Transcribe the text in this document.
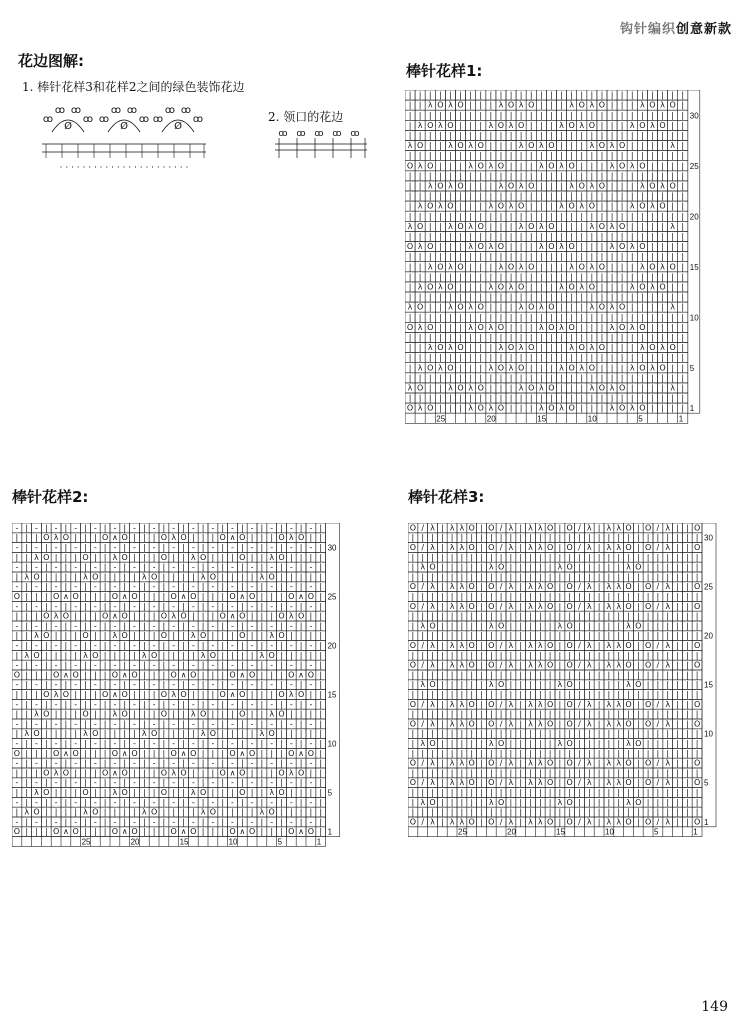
钩针编织创意新款
花边图解:
1. 棒针花样3和花样2之间的绿色装饰花边
2. 领口的花边
Ø	Ø	Ø
ꝏ
ꝏ ꝏ
ꝏ ꝏ
ꝏ ꝏ
ꝏ ꝏ
ꝏ ꝏ
ꝏ
· · · · · · · · · · · · · · · · · · · · · · ·
ꝏ ꝏ ꝏ ꝏ ꝏ
棒针花样1:
| | | | | | | | | | | | | | | | | | | | | | | | | | | |
| | λ O λ O | | | λ O λ O | | | λ O λ O | | | λ O λ O |
| | | | | | | | | | | | | | | | | | | | | | | | | | | |
| λ O λ O | | | λ O λ O | | | λ O λ O | | | λ O λ O | |
| | | | | | | | | | | | | | | | | | | | | | | | | | | |
λ O | | λ O λ O | | | λ O λ O | | | λ O λ O | | | | λ |
| | | | | | | | | | | | | | | | | | | | | | | | | | | |
O λ O | | | λ O λ O | | | λ O λ O | | | λ O λ O | | | |
| | | | | | | | | | | | | | | | | | | | | | | | | | | |
| | λ O λ O | | | λ O λ O | | | λ O λ O | | | λ O λ O |
| | | | | | | | | | | | | | | | | | | | | | | | | | | |
| λ O λ O | | | λ O λ O | | | λ O λ O | | | λ O λ O | |
| | | | | | | | | | | | | | | | | | | | | | | | | | | |
λ O | | λ O λ O | | | λ O λ O | | | λ O λ O | | | | λ |
| | | | | | | | | | | | | | | | | | | | | | | | | | | |
O λ O | | | λ O λ O | | | λ O λ O | | | λ O λ O | | | |
| | | | | | | | | | | | | | | | | | | | | | | | | | | |
| | λ O λ O | | | λ O λ O | | | λ O λ O | | | λ O λ O |
| | | | | | | | | | | | | | | | | | | | | | | | | | | |
| λ O λ O | | | λ O λ O | | | λ O λ O | | | λ O λ O | |
| | | | | | | | | | | | | | | | | | | | | | | | | | | |
λ O | | λ O λ O | | | λ O λ O | | | λ O λ O | | | | λ |
| | | | | | | | | | | | | | | | | | | | | | | | | | | |
O λ O | | | λ O λ O | | | λ O λ O | | | λ O λ O | | | |
| | | | | | | | | | | | | | | | | | | | | | | | | | | |
| | λ O λ O | | | λ O λ O | | | λ O λ O | | | λ O λ O |
| | | | | | | | | | | | | | | | | | | | | | | | | | | |
| λ O λ O | | | λ O λ O | | | λ O λ O | | | λ O λ O | |
| | | | | | | | | | | | | | | | | | | | | | | | | | | |
λ O | | λ O λ O | | | λ O λ O | | | λ O λ O | | | | λ |
| | | | | | | | | | | | | | | | | | | | | | | | | | | |
O λ O | | | λ O λ O | | | λ O λ O | | | λ O λ O | | | | 1
5
10
15
20
25
30
25	20	15	10	5	1
棒针花样2:
- | - | - | - | - | - | - | - | - | - | - | - | - | - | - | - |
| | | O λ O | | | O ∧ O | | | O λ O | | | O ∧ O | | | O λ O | |
- | - | - | - | - | - | - | - | - | - | - | - | - | - | - | - |
| | λ O | | | O | | λ O | | | O | | λ O | | | O | | λ O | | | |
- | - | - | - | - | - | - | - | - | - | - | - | - | - | - | - |
| λ O | | | | λ O | | | | λ O | | | | λ O | | | | λ O | | | | |
- | - | - | - | - | - | - | - | - | - | - | - | - | - | - | - |
O | | | O ∧ O | | | O ∧ O | | | O ∧ O | | | O ∧ O | | | O ∧ O |
- | - | - | - | - | - | - | - | - | - | - | - | - | - | - | - |
| | | O λ O | | | O ∧ O | | | O λ O | | | O ∧ O | | | O λ O | |
- | - | - | - | - | - | - | - | - | - | - | - | - | - | - | - |
| | λ O | | | O | | λ O | | | O | | λ O | | | O | | λ O | | | |
- | - | - | - | - | - | - | - | - | - | - | - | - | - | - | - |
| λ O | | | | λ O | | | | λ O | | | | λ O | | | | λ O | | | | |
- | - | - | - | - | - | - | - | - | - | - | - | - | - | - | - |
O | | | O ∧ O | | | O ∧ O | | | O ∧ O | | | O ∧ O | | | O ∧ O |
- | - | - | - | - | - | - | - | - | - | - | - | - | - | - | - |
| | | O λ O | | | O ∧ O | | | O λ O | | | O ∧ O | | | O λ O | |
- | - | - | - | - | - | - | - | - | - | - | - | - | - | - | - |
| | λ O | | | O | | λ O | | | O | | λ O | | | O | | λ O | | | |
- | - | - | - | - | - | - | - | - | - | - | - | - | - | - | - |
| λ O | | | | λ O | | | | λ O | | | | λ O | | | | λ O | | | | |
- | - | - | - | - | - | - | - | - | - | - | - | - | - | - | - |
O | | | O ∧ O | | | O ∧ O | | | O ∧ O | | | O ∧ O | | | O ∧ O |
- | - | - | - | - | - | - | - | - | - | - | - | - | - | - | - |
| | | O λ O | | | O ∧ O | | | O λ O | | | O ∧ O | | | O λ O | |
- | - | - | - | - | - | - | - | - | - | - | - | - | - | - | - |
| | λ O | | | O | | λ O | | | O | | λ O | | | O | | λ O | | | |
- | - | - | - | - | - | - | - | - | - | - | - | - | - | - | - |
| λ O | | | | λ O | | | | λ O | | | | λ O | | | | λ O | | | | |
- | - | - | - | - | - | - | - | - | - | - | - | - | - | - | - |
O | | | O ∧ O | | | O ∧ O | | | O ∧ O | | | O ∧ O | | | O ∧ O | 1
5
10
15
20
25
30
25	20	15	10	5	1
棒针花样3:
O / λ | λ λ O | O / λ | λ λ O | O / λ | λ λ O | O / λ | | O
| | | | | | | | | | | | | | | | | | | | | | | | | | | | | |
O / λ | λ λ O | O / λ | λ λ O | O / λ | λ λ O | O / λ | | O
| | | | | | | | | | | | | | | | | | | | | | | | | | | | | |
| λ O | | | | | λ O | | | | | λ O | | | | | λ O | | | | | |
| | | | | | | | | | | | | | | | | | | | | | | | | | | | | |
O / λ | λ λ O | O / λ | λ λ O | O / λ | λ λ O | O / λ | | O
| | | | | | | | | | | | | | | | | | | | | | | | | | | | | |
O / λ | λ λ O | O / λ | λ λ O | O / λ | λ λ O | O / λ | | O
| | | | | | | | | | | | | | | | | | | | | | | | | | | | | |
| λ O | | | | | λ O | | | | | λ O | | | | | λ O | | | | | |
| | | | | | | | | | | | | | | | | | | | | | | | | | | | | |
O / λ | λ λ O | O / λ | λ λ O | O / λ | λ λ O | O / λ | | O
| | | | | | | | | | | | | | | | | | | | | | | | | | | | | |
O / λ | λ λ O | O / λ | λ λ O | O / λ | λ λ O | O / λ | | O
| | | | | | | | | | | | | | | | | | | | | | | | | | | | | |
| λ O | | | | | λ O | | | | | λ O | | | | | λ O | | | | | |
| | | | | | | | | | | | | | | | | | | | | | | | | | | | | |
O / λ | λ λ O | O / λ | λ λ O | O / λ | λ λ O | O / λ | | O
| | | | | | | | | | | | | | | | | | | | | | | | | | | | | |
O / λ | λ λ O | O / λ | λ λ O | O / λ | λ λ O | O / λ | | O
| | | | | | | | | | | | | | | | | | | | | | | | | | | | | |
| λ O | | | | | λ O | | | | | λ O | | | | | λ O | | | | | |
| | | | | | | | | | | | | | | | | | | | | | | | | | | | | |
O / λ | λ λ O | O / λ | λ λ O | O / λ | λ λ O | O / λ | | O
| | | | | | | | | | | | | | | | | | | | | | | | | | | | | |
O / λ | λ λ O | O / λ | λ λ O | O / λ | λ λ O | O / λ | | O
| | | | | | | | | | | | | | | | | | | | | | | | | | | | | |
| λ O | | | | | λ O | | | | | λ O | | | | | λ O | | | | | |
| | | | | | | | | | | | | | | | | | | | | | | | | | | | | |
O / λ | λ λ O | O / λ | λ λ O | O / λ | λ λ O | O / λ | | O 1
5
10
15
20
25
30
25	20	15	10	5	1
149
